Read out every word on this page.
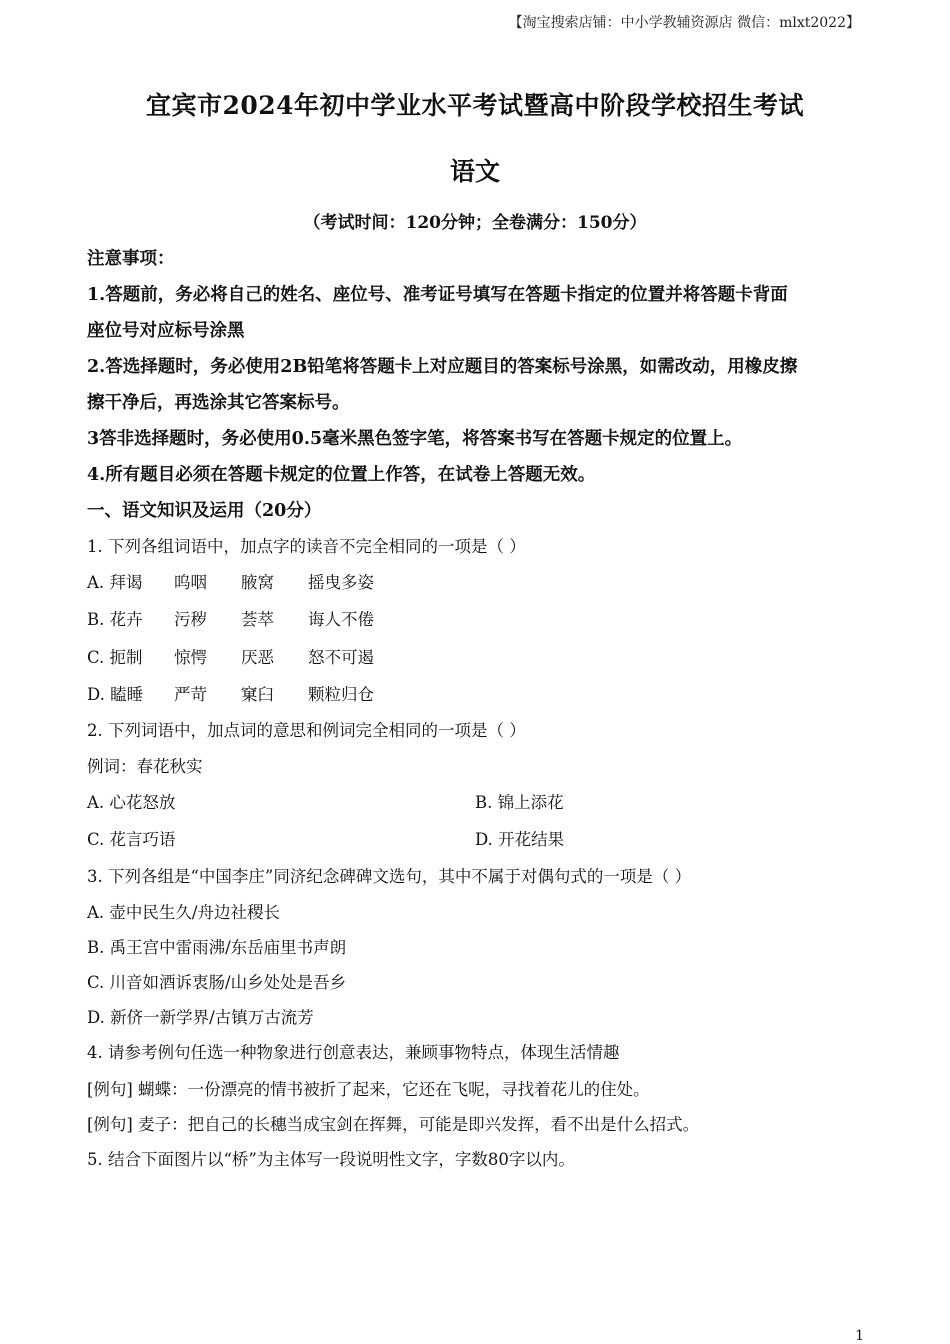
【淘宝搜索店铺：中小学教辅资源店 微信：mlxt2022】
宜宾市2024年初中学业水平考试暨高中阶段学校招生考试
语文
（考试时间：120分钟；全卷满分：150分）
注意事项：
1.答题前，务必将自己的姓名、座位号、准考证号填写在答题卡指定的位置并将答题卡背面
座位号对应标号涂黑
2.答选择题时，务必使用2B铅笔将答题卡上对应题目的答案标号涂黑，如需改动，用橡皮擦
擦干净后，再选涂其它答案标号。
3答非选择题时，务必使用0.5毫米黑色签字笔，将答案书写在答题卡规定的位置上。
4.所有题目必须在答题卡规定的位置上作答，在试卷上答题无效。
一、语文知识及运用（20分）
1. 下列各组词语中，加点字的读音不完全相同的一项是（ ）
A. 拜谒 呜咽 腋窝 摇曳多姿
B. 花卉 污秽 荟萃 诲人不倦
C. 扼制 惊愕 厌恶 怒不可遏
D. 瞌睡 严苛 窠臼 颗粒归仓
2. 下列词语中，加点词的意思和例词完全相同的一项是（ ）
例词：春花秋实
A. 心花怒放	B. 锦上添花
C. 花言巧语	D. 开花结果
3. 下列各组是“中国李庄”同济纪念碑碑文选句，其中不属于对偶句式的一项是（ ）
A. 壶中民生久/舟边社稷长
B. 禹王宫中雷雨沸/东岳庙里书声朗
C. 川音如酒诉衷肠/山乡处处是吾乡
D. 新侪一新学界/古镇万古流芳
4. 请参考例句任选一种物象进行创意表达，兼顾事物特点，体现生活情趣
[例句] 蝴蝶：一份漂亮的情书被折了起来，它还在飞呢，寻找着花儿的住处。
[例句] 麦子：把自己的长穗当成宝剑在挥舞，可能是即兴发挥，看不出是什么招式。
5. 结合下面图片以“桥”为主体写一段说明性文字，字数80字以内。
1
